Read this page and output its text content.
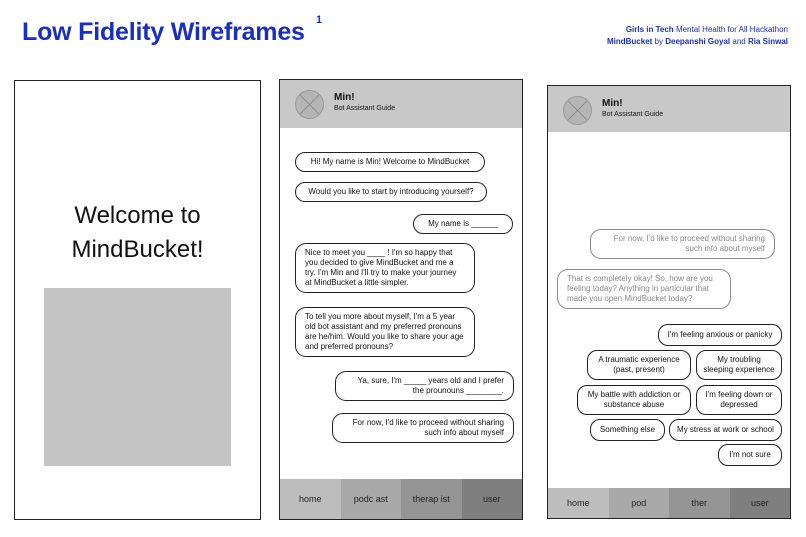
Low Fidelity Wireframes 1
Girls in Tech Mental Health for All Hackathon
MindBucket by Deepanshi Goyal and Ria Sinwal
Welcome to
MindBucket!
Min!
Bot Assistant Guide
Hi! My name is Min! Welcome to MindBucket
Would you like to start by introducing yourself?
My name is ______
Nice to meet you ____ ! I'm so happy that you decided to give MindBucket and me a try. I'm Min and I'll try to make your journey at MindBucket a little simpler.
To tell you more about myself, I'm a 5 year old bot assistant and my preferred pronouns are he/him. Would you like to share your age and preferred pronouns?
Ya, sure, I'm _____ years old and I prefer the prounouns ________.
For now, I'd like to proceed without sharing such info about myself
home	podc ast	therap ist	user
Min!
Bot Assistant Guide
For now, I'd like to proceed without sharing such info about myself
That is completely okay! So, how are you feeling today? Anything in particular that made you open MindBucket today?
I'm feeling anxious or panicky
A traumatic experience (past, present)
My troubling sleeping experience
My battle with addiction or substance abuse
I'm feeling down or depressed
Something else	My stress at work or school
I'm not sure
home	pod	ther	user
